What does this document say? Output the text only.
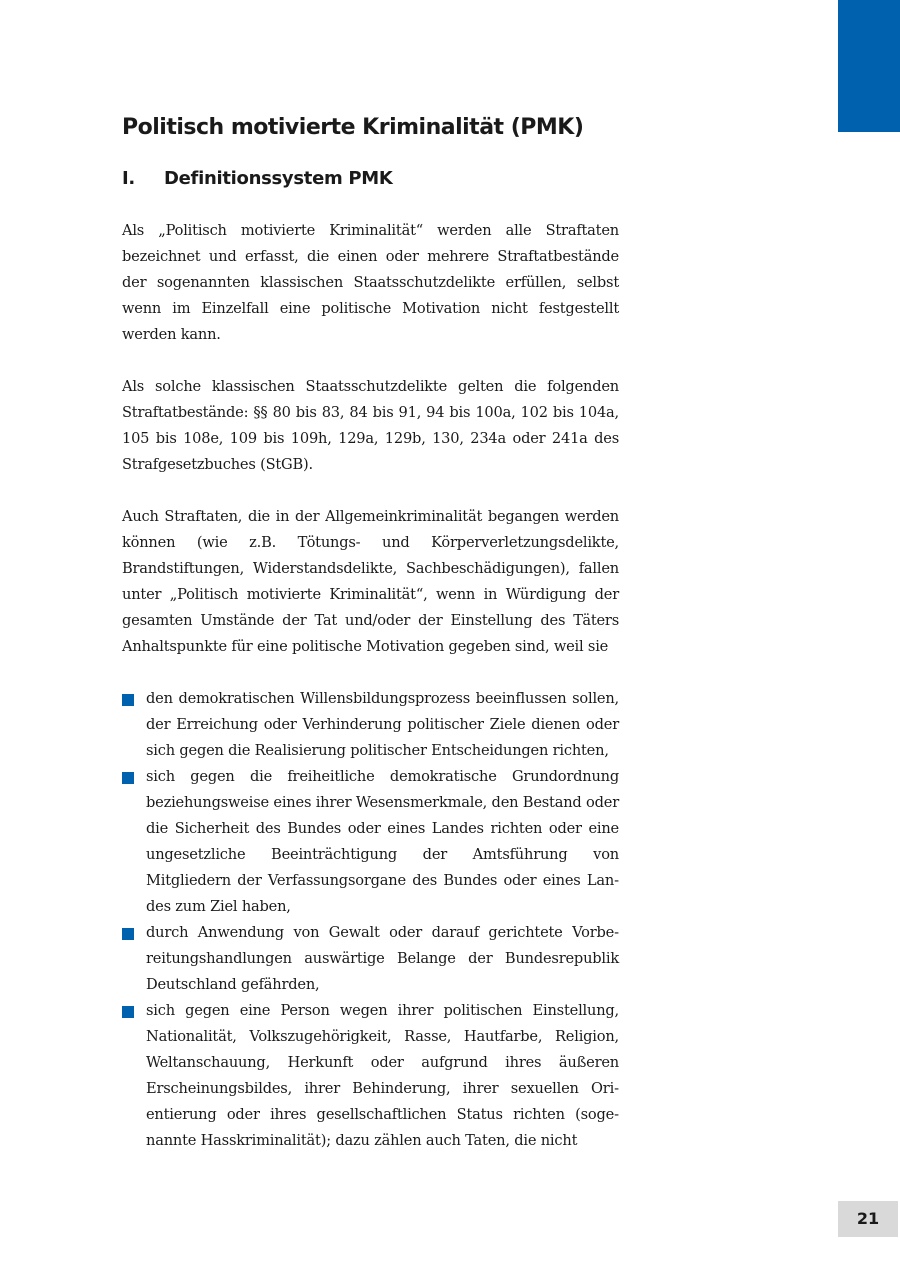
Politisch motivierte Kriminalität (PMK)
I.	Definitionssystem PMK

Als „Politisch motivierte Kriminalität“ werden alle Straftaten bezeichnet und erfasst, die einen oder mehrere Straftatbestände der sogenannten klassischen Staatsschutzdelikte erfüllen, selbst wenn im Einzelfall eine politische Motivation nicht festgestellt werden kann.

Als solche klassischen Staatsschutzdelikte gelten die folgenden Straftatbestände: §§ 80 bis 83, 84 bis 91, 94 bis 100a, 102 bis 104a, 105 bis 108e, 109 bis 109h, 129a, 129b, 130, 234a oder 241a des Strafgesetzbuches (StGB).

Auch Straftaten, die in der Allgemeinkriminalität begangen werden können (wie z.B. Tötungs- und Körperverletzungsdelikte, Brandstiftungen, Widerstandsdelikte, Sachbeschädigungen), fallen unter „Politisch motivierte Kriminalität“, wenn in Würdigung der gesamten Umstände der Tat und/oder der Einstellung des Täters Anhaltspunkte für eine politische Motivation gegeben sind, weil sie

den demokratischen Willensbildungsprozess beeinflussen sollen, der Erreichung oder Verhinderung politischer Ziele dienen oder sich gegen die Realisierung politischer Entscheidungen richten,
sich gegen die freiheitliche demokratische Grundordnung beziehungsweise eines ihrer Wesensmerkmale, den Bestand oder die Sicherheit des Bundes oder eines Landes richten oder eine ungesetzliche Beeinträchtigung der Amtsführung von Mitgliedern der Verfassungsorgane des Bundes oder eines Landes zum Ziel haben,
durch Anwendung von Gewalt oder darauf gerichtete Vorbereitungshandlungen auswärtige Belange der Bundesrepublik Deutschland gefährden,
sich gegen eine Person wegen ihrer politischen Einstellung, Nationalität, Volkszugehörigkeit, Rasse, Hautfarbe, Religion, Weltanschauung, Herkunft oder aufgrund ihres äußeren Erscheinungsbildes, ihrer Behinderung, ihrer sexuellen Orientierung oder ihres gesellschaftlichen Status richten (sogenannte Hasskriminalität); dazu zählen auch Taten, die nicht
21
